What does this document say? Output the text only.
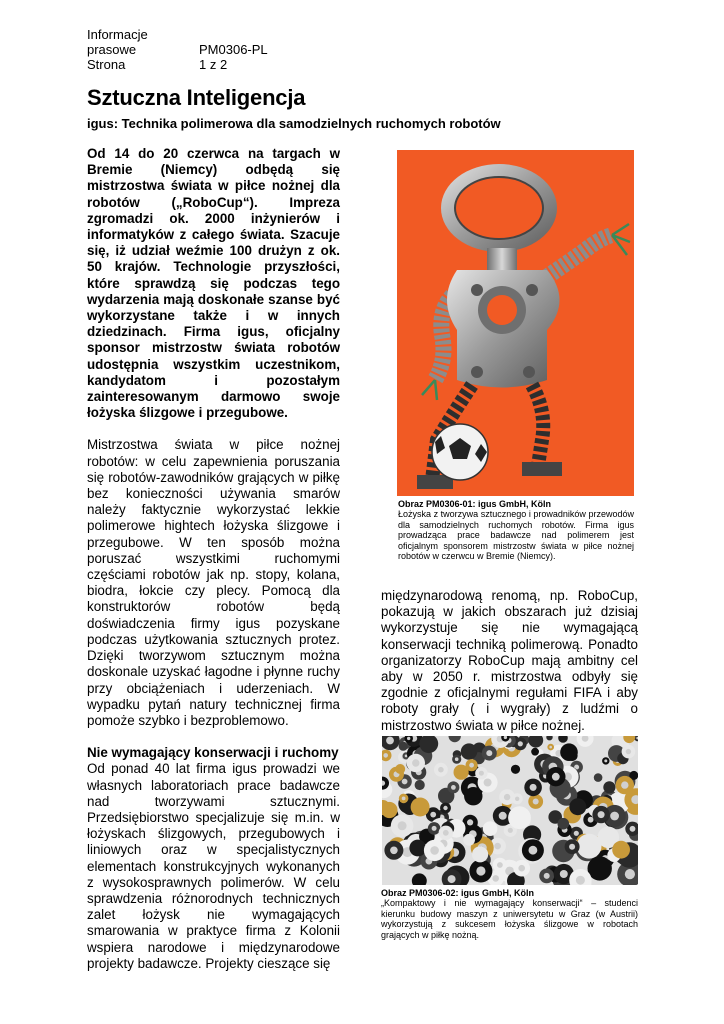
Informacje prasowe	PM0306-PL
Strona	1 z 2
Sztuczna Inteligencja
igus: Technika polimerowa dla samodzielnych ruchomych robotów

Od 14 do 20 czerwca na targach w Bremie (Niemcy) odbędą się mistrzostwa świata w piłce nożnej dla robotów („RoboCup“). Impreza zgromadzi ok. 2000 inżynierów i informatyków z całego świata. Szacuje się, iż udział weźmie 100 drużyn z ok. 50 krajów. Technologie przyszłości, które sprawdzą się podczas tego wydarzenia mają doskonałe szanse być wykorzystane także i w innych dziedzinach. Firma igus, oficjalny sponsor mistrzostw świata robotów udostępnia wszystkim uczestnikom, kandydatom i pozostałym zainteresowanym darmowo swoje łożyska ślizgowe i przegubowe.

Mistrzostwa świata w piłce nożnej robotów: w celu zapewnienia poruszania się robotów-zawodników grających w piłkę bez konieczności używania smarów należy faktycznie wykorzystać lekkie polimerowe hightech łożyska ślizgowe i przegubowe. W ten sposób można poruszać wszystkimi ruchomymi częściami robotów jak np. stopy, kolana, biodra, łokcie czy plecy. Pomocą dla konstruktorów robotów będą doświadczenia firmy igus pozyskane podczas użytkowania sztucznych protez. Dzięki tworzywom sztucznym można doskonale uzyskać łagodne i płynne ruchy przy obciążeniach i uderzeniach. W wypadku pytań natury technicznej firma pomoże szybko i bezproblemowo.

Nie wymagający konserwacji i ruchomy

Od ponad 40 lat firma igus prowadzi we własnych laboratoriach prace badawcze nad tworzywami sztucznymi. Przedsiębiorstwo specjalizuje się m.in. w łożyskach ślizgowych, przegubowych i liniowych oraz w specjalistycznych elementach konstrukcyjnych wykonanych z wysokosprawnych polimerów. W celu sprawdzenia różnorodnych technicznych zalet łożysk nie wymagających smarowania w praktyce firma z Kolonii wspiera narodowe i międzynarodowe projekty badawcze. Projekty cieszące się

Obraz PM0306-01: igus GmbH, Köln
Łożyska z tworzywa sztucznego i prowadników przewodów dla samodzielnych ruchomych robotów. Firma igus prowadząca prace badawcze nad polimerem jest oficjalnym sponsorem mistrzostw świata w piłce nożnej robotów w czerwcu w Bremie (Niemcy).

międzynarodową renomą, np. RoboCup, pokazują w jakich obszarach już dzisiaj wykorzystuje się nie wymagającą konserwacji techniką polimerową. Ponadto organizatorzy RoboCup mają ambitny cel aby w 2050 r. mistrzostwa odbyły się zgodnie z oficjalnymi regułami FIFA i aby roboty grały ( i wygrały) z ludźmi o mistrzostwo świata w piłce nożnej.

Obraz PM0306-02: igus GmbH, Köln
„Kompaktowy i nie wymagający konserwacji“ – studenci kierunku budowy maszyn z uniwersytetu w Graz (w Austrii) wykorzystują z sukcesem łożyska ślizgowe w robotach grających w piłkę nożną.
